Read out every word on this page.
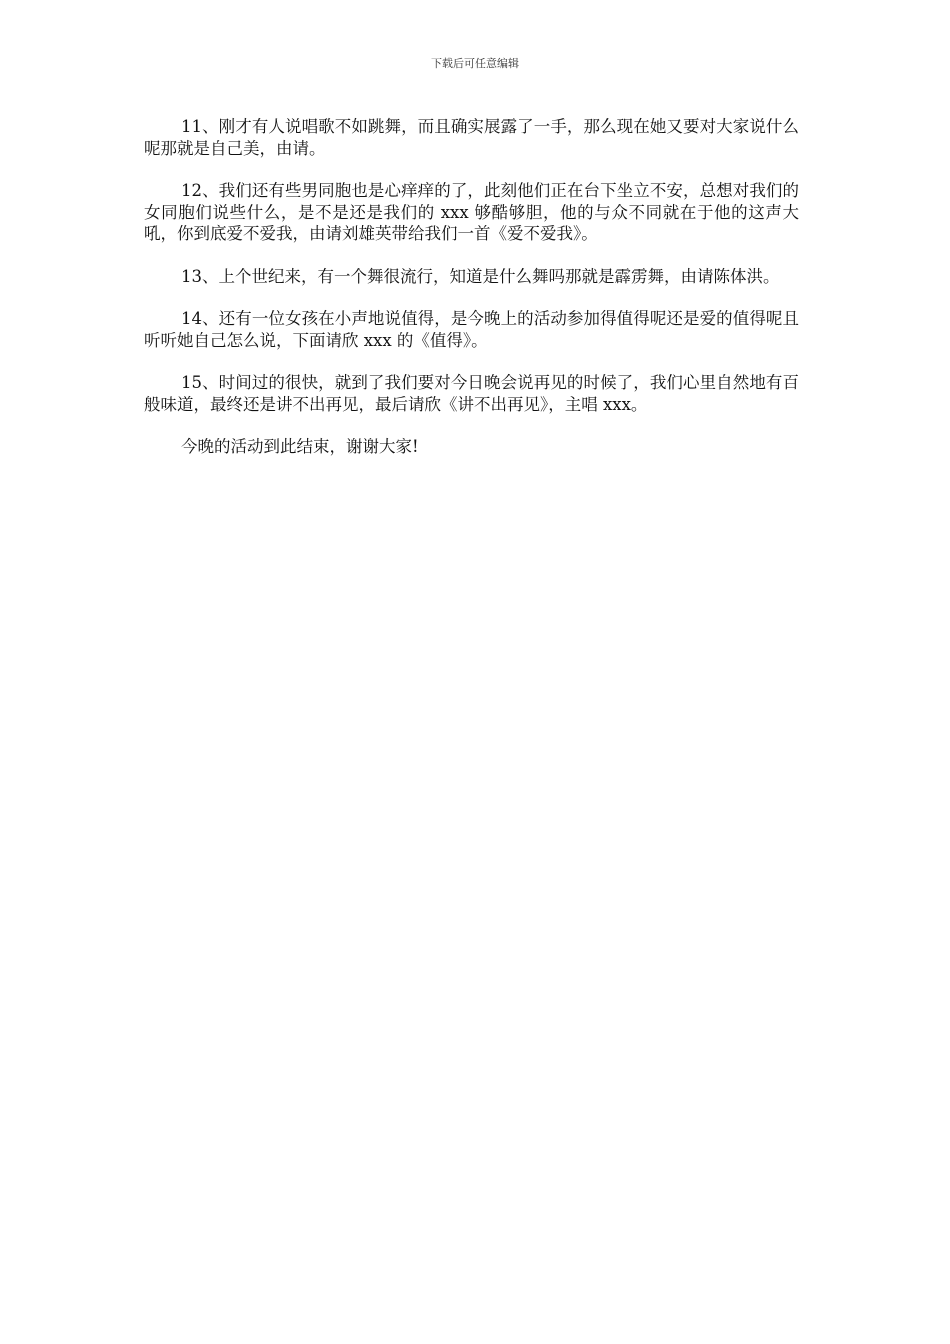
下载后可任意编辑

11、刚才有人说唱歌不如跳舞，而且确实展露了一手，那么现在她又要对大家说什么呢那就是自己美，由请。

12、我们还有些男同胞也是心痒痒的了，此刻他们正在台下坐立不安，总想对我们的女同胞们说些什么，是不是还是我们的 xxx 够酷够胆，他的与众不同就在于他的这声大吼，你到底爱不爱我，由请刘雄英带给我们一首《爱不爱我》。

13、上个世纪来，有一个舞很流行，知道是什么舞吗那就是霹雳舞，由请陈体洪。

14、还有一位女孩在小声地说值得，是今晚上的活动参加得值得呢还是爱的值得呢且听听她自己怎么说，下面请欣 xxx 的《值得》。

15、时间过的很快，就到了我们要对今日晚会说再见的时候了，我们心里自然地有百般味道，最终还是讲不出再见，最后请欣《讲不出再见》，主唱 xxx。

今晚的活动到此结束，谢谢大家!
